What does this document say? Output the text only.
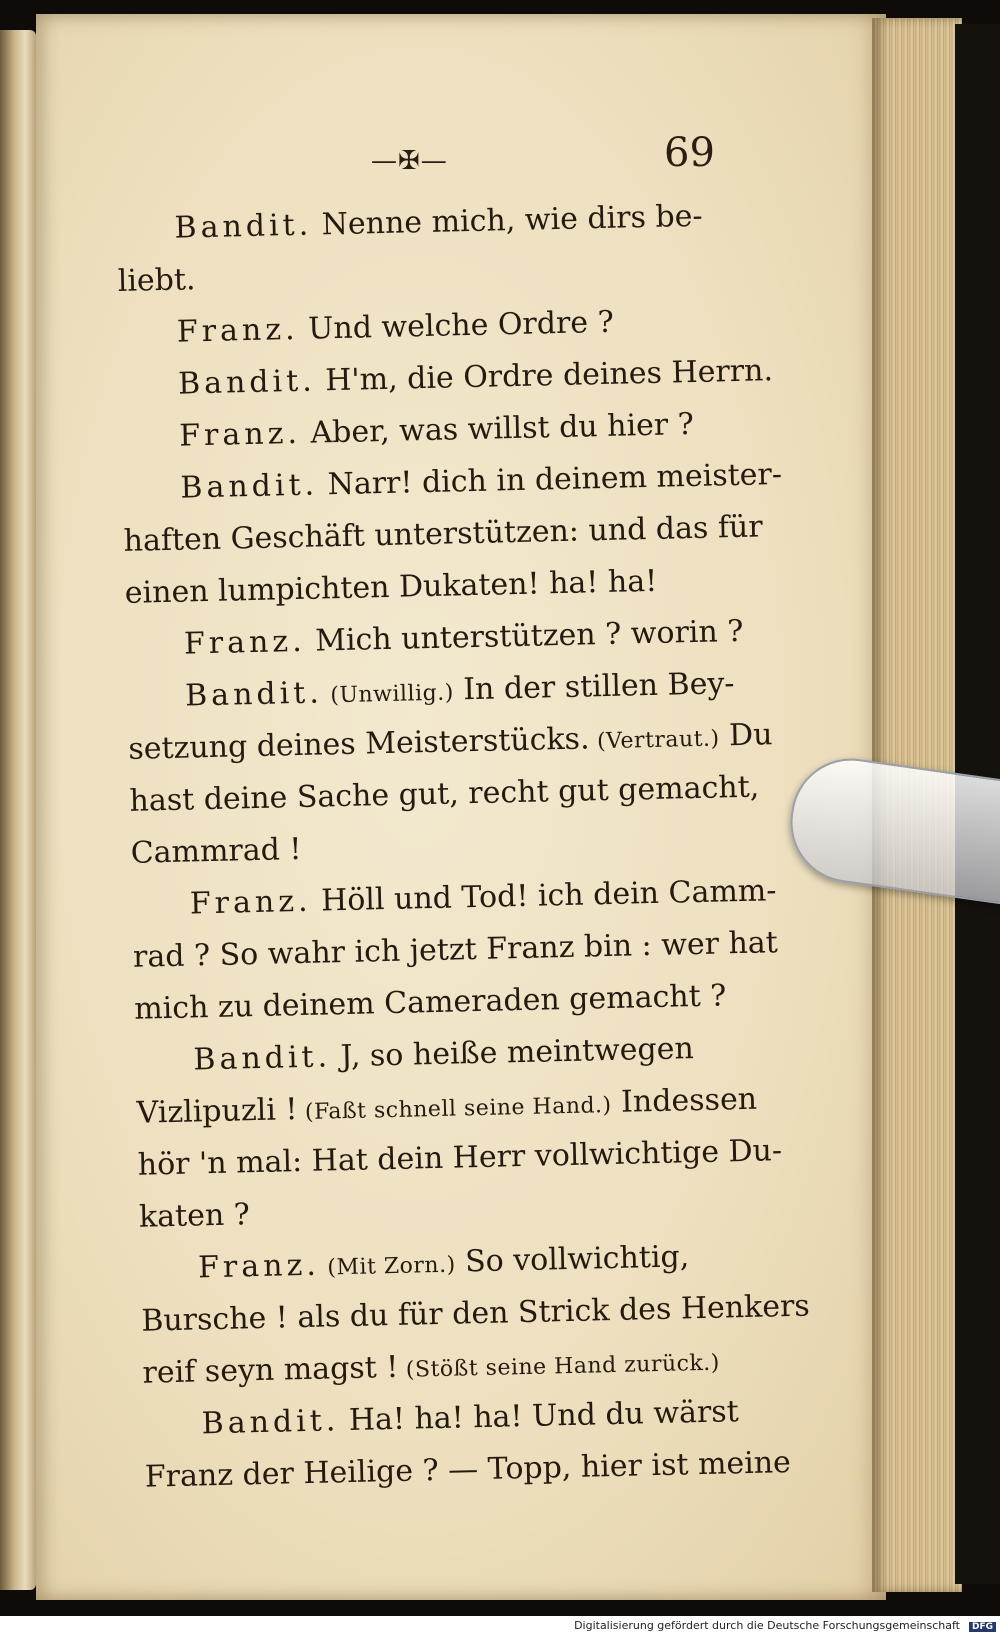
—✠—	69
Bandit. Nenne mich, wie dirs be-
liebt.
Franz. Und welche Ordre ?
Bandit. H'm, die Ordre deines Herrn.
Franz. Aber, was willst du hier ?
Bandit. Narr! dich in deinem meister-
haften Geschäft unterstützen: und das für
einen lumpichten Dukaten! ha! ha!
Franz. Mich unterstützen ? worin ?
Bandit. (Unwillig.) In der stillen Bey-
setzung deines Meisterstücks. (Vertraut.) Du
hast deine Sache gut, recht gut gemacht,
Cammrad !
Franz. Höll und Tod! ich dein Camm-
rad ? So wahr ich jetzt Franz bin : wer hat
mich zu deinem Cameraden gemacht ?
Bandit. J, so heiße meintwegen
Vizlipuzli ! (Faßt schnell seine Hand.) Indessen
hör 'n mal: Hat dein Herr vollwichtige Du-
katen ?
Franz. (Mit Zorn.) So vollwichtig,
Bursche ! als du für den Strick des Henkers
reif seyn magst ! (Stößt seine Hand zurück.)
Bandit. Ha! ha! ha! Und du wärst
Franz der Heilige ? — Topp, hier ist meine
Digitalisierung gefördert durch die Deutsche Forschungsgemeinschaft	DFG
